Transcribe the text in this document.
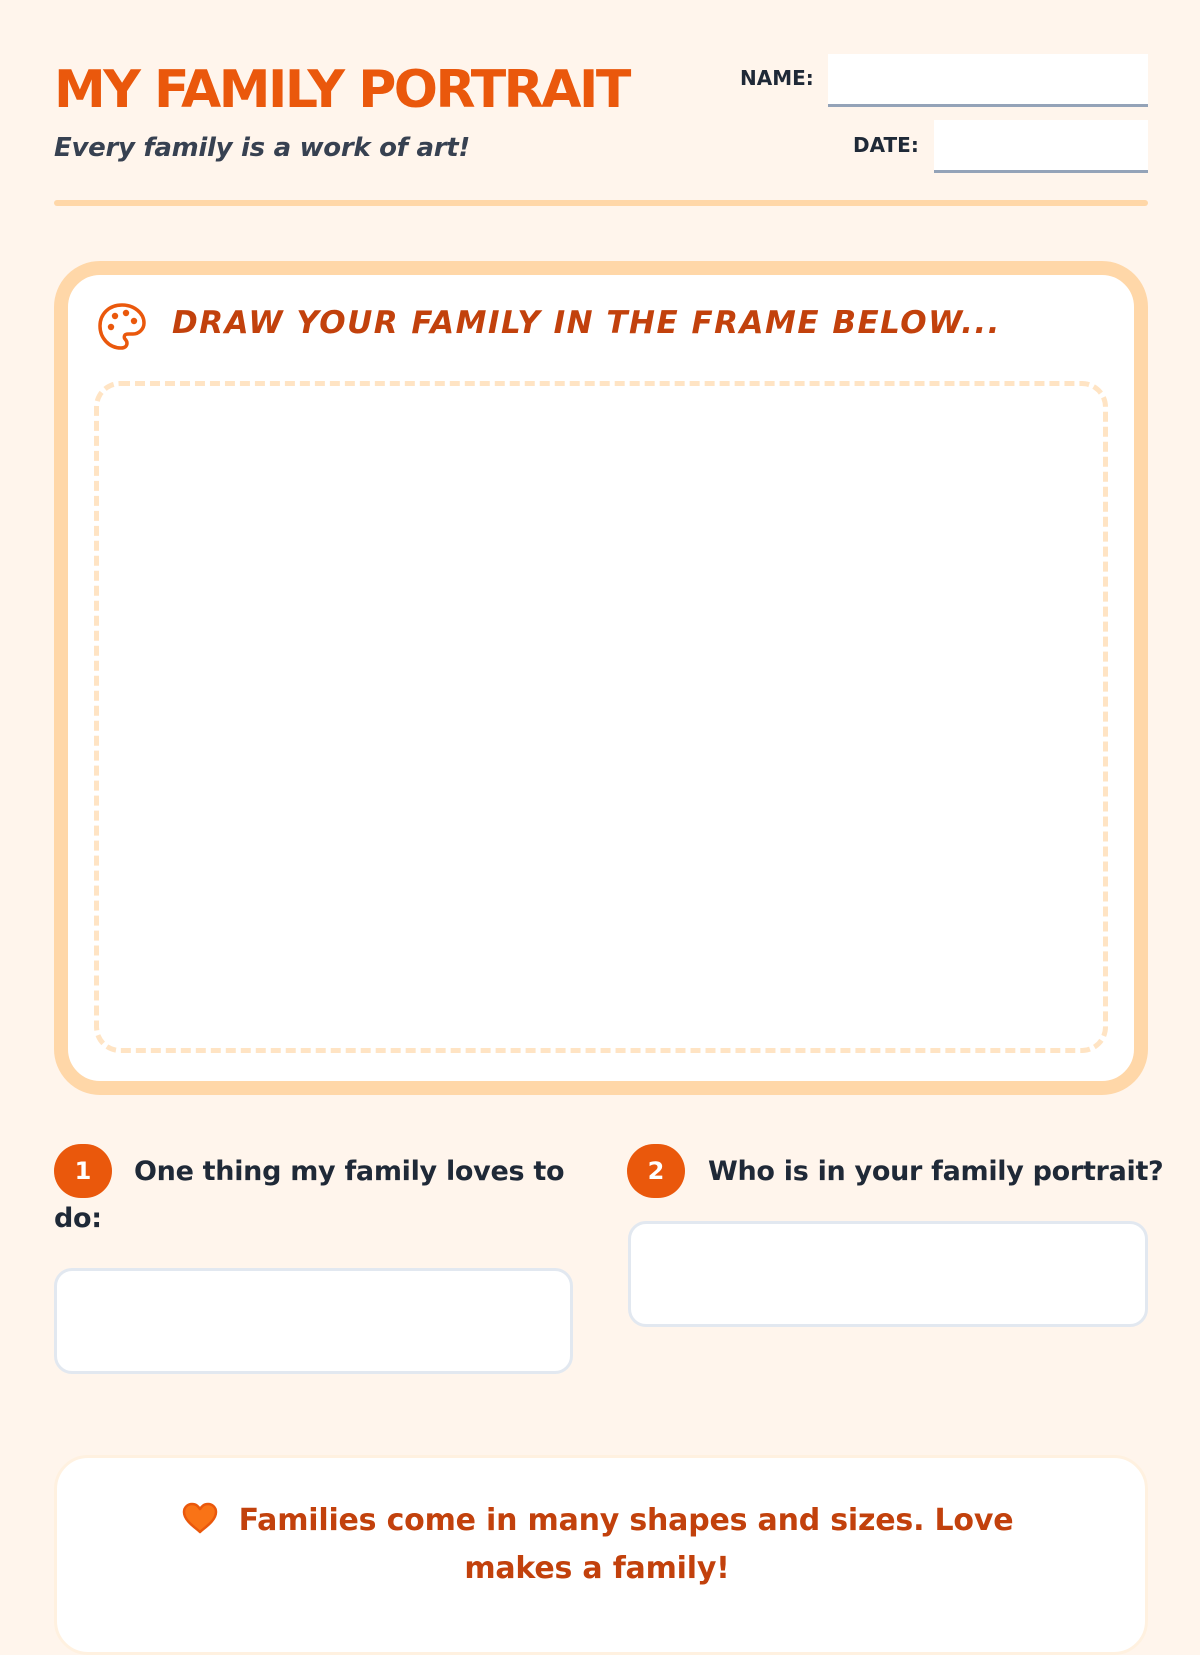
MY FAMILY PORTRAIT

Every family is a work of art!

NAME:
DATE:
DRAW YOUR FAMILY IN THE FRAME BELOW...
One thing my family loves to do:
1	2	Who is in your family portrait?
Families come in many shapes and sizes. Love makes a family!
